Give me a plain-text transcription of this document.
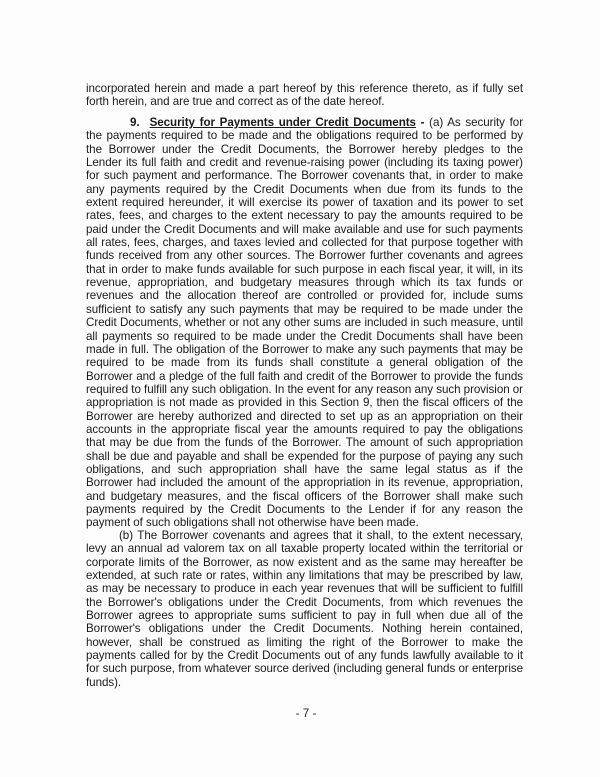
incorporated herein and made a part hereof by this reference thereto, as if fully set forth herein, and are true and correct as of the date hereof.

9. Security for Payments under Credit Documents - (a) As security for the payments required to be made and the obligations required to be performed by the Borrower under the Credit Documents, the Borrower hereby pledges to the Lender its full faith and credit and revenue-raising power (including its taxing power) for such payment and performance. The Borrower covenants that, in order to make any payments required by the Credit Documents when due from its funds to the extent required hereunder, it will exercise its power of taxation and its power to set rates, fees, and charges to the extent necessary to pay the amounts required to be paid under the Credit Documents and will make available and use for such payments all rates, fees, charges, and taxes levied and collected for that purpose together with funds received from any other sources. The Borrower further covenants and agrees that in order to make funds available for such purpose in each fiscal year, it will, in its revenue, appropriation, and budgetary measures through which its tax funds or revenues and the allocation thereof are controlled or provided for, include sums sufficient to satisfy any such payments that may be required to be made under the Credit Documents, whether or not any other sums are included in such measure, until all payments so required to be made under the Credit Documents shall have been made in full. The obligation of the Borrower to make any such payments that may be required to be made from its funds shall constitute a general obligation of the Borrower and a pledge of the full faith and credit of the Borrower to provide the funds required to fulfill any such obligation. In the event for any reason any such provision or appropriation is not made as provided in this Section 9, then the fiscal officers of the Borrower are hereby authorized and directed to set up as an appropriation on their accounts in the appropriate fiscal year the amounts required to pay the obligations that may be due from the funds of the Borrower. The amount of such appropriation shall be due and payable and shall be expended for the purpose of paying any such obligations, and such appropriation shall have the same legal status as if the Borrower had included the amount of the appropriation in its revenue, appropriation, and budgetary measures, and the fiscal officers of the Borrower shall make such payments required by the Credit Documents to the Lender if for any reason the payment of such obligations shall not otherwise have been made.

(b) The Borrower covenants and agrees that it shall, to the extent necessary, levy an annual ad valorem tax on all taxable property located within the territorial or corporate limits of the Borrower, as now existent and as the same may hereafter be extended, at such rate or rates, within any limitations that may be prescribed by law, as may be necessary to produce in each year revenues that will be sufficient to fulfill the Borrower's obligations under the Credit Documents, from which revenues the Borrower agrees to appropriate sums sufficient to pay in full when due all of the Borrower's obligations under the Credit Documents. Nothing herein contained, however, shall be construed as limiting the right of the Borrower to make the payments called for by the Credit Documents out of any funds lawfully available to it for such purpose, from whatever source derived (including general funds or enterprise funds).

- 7 -
